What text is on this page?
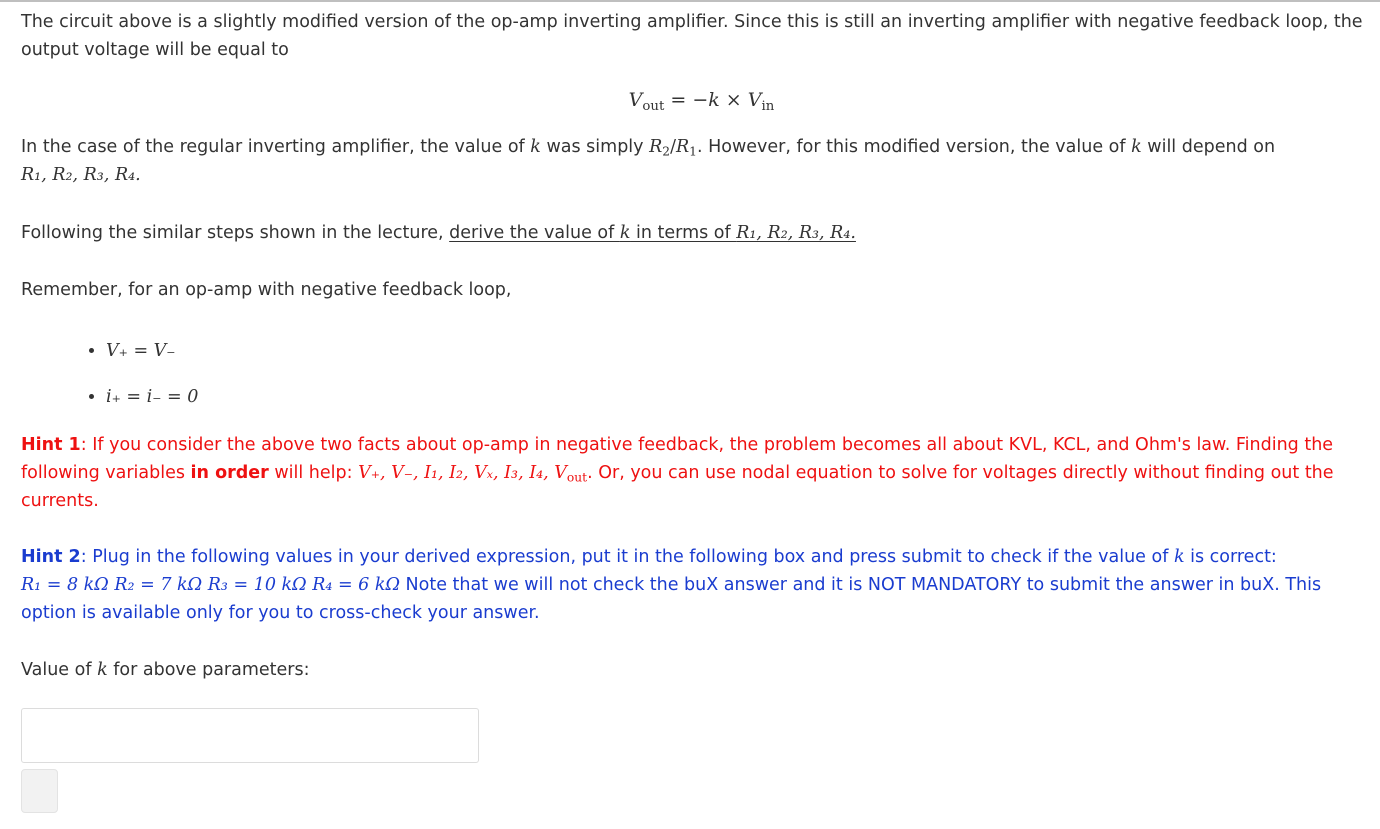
The circuit above is a slightly modified version of the op-amp inverting amplifier. Since this is still an inverting amplifier with negative feedback loop, the output voltage will be equal to

$V_{out} = -k \times V_{in}$

In the case of the regular inverting amplifier, the value of k was simply $R_2/R_1$. However, for this modified version, the value of k will depend on
R₁, R₂, R₃, R₄.

Following the similar steps shown in the lecture, derive the value of k in terms of R₁, R₂, R₃, R₄.

Remember, for an op-amp with negative feedback loop,

• V₊ = V₋
• i₊ = i₋ = 0

Hint 1: If you consider the above two facts about op-amp in negative feedback, the problem becomes all about KVL, KCL, and Ohm's law. Finding the following variables in order will help: V₊, V₋, I₁, I₂, Vₓ, I₃, I₄, $V_{out}$. Or, you can use nodal equation to solve for voltages directly without finding out the currents.

Hint 2: Plug in the following values in your derived expression, put it in the following box and press submit to check if the value of k is correct:
R₁ = 8 kΩ R₂ = 7 kΩ R₃ = 10 kΩ R₄ = 6 kΩ Note that we will not check the buX answer and it is NOT MANDATORY to submit the answer in buX. This option is available only for you to cross-check your answer.

Value of k for above parameters:
